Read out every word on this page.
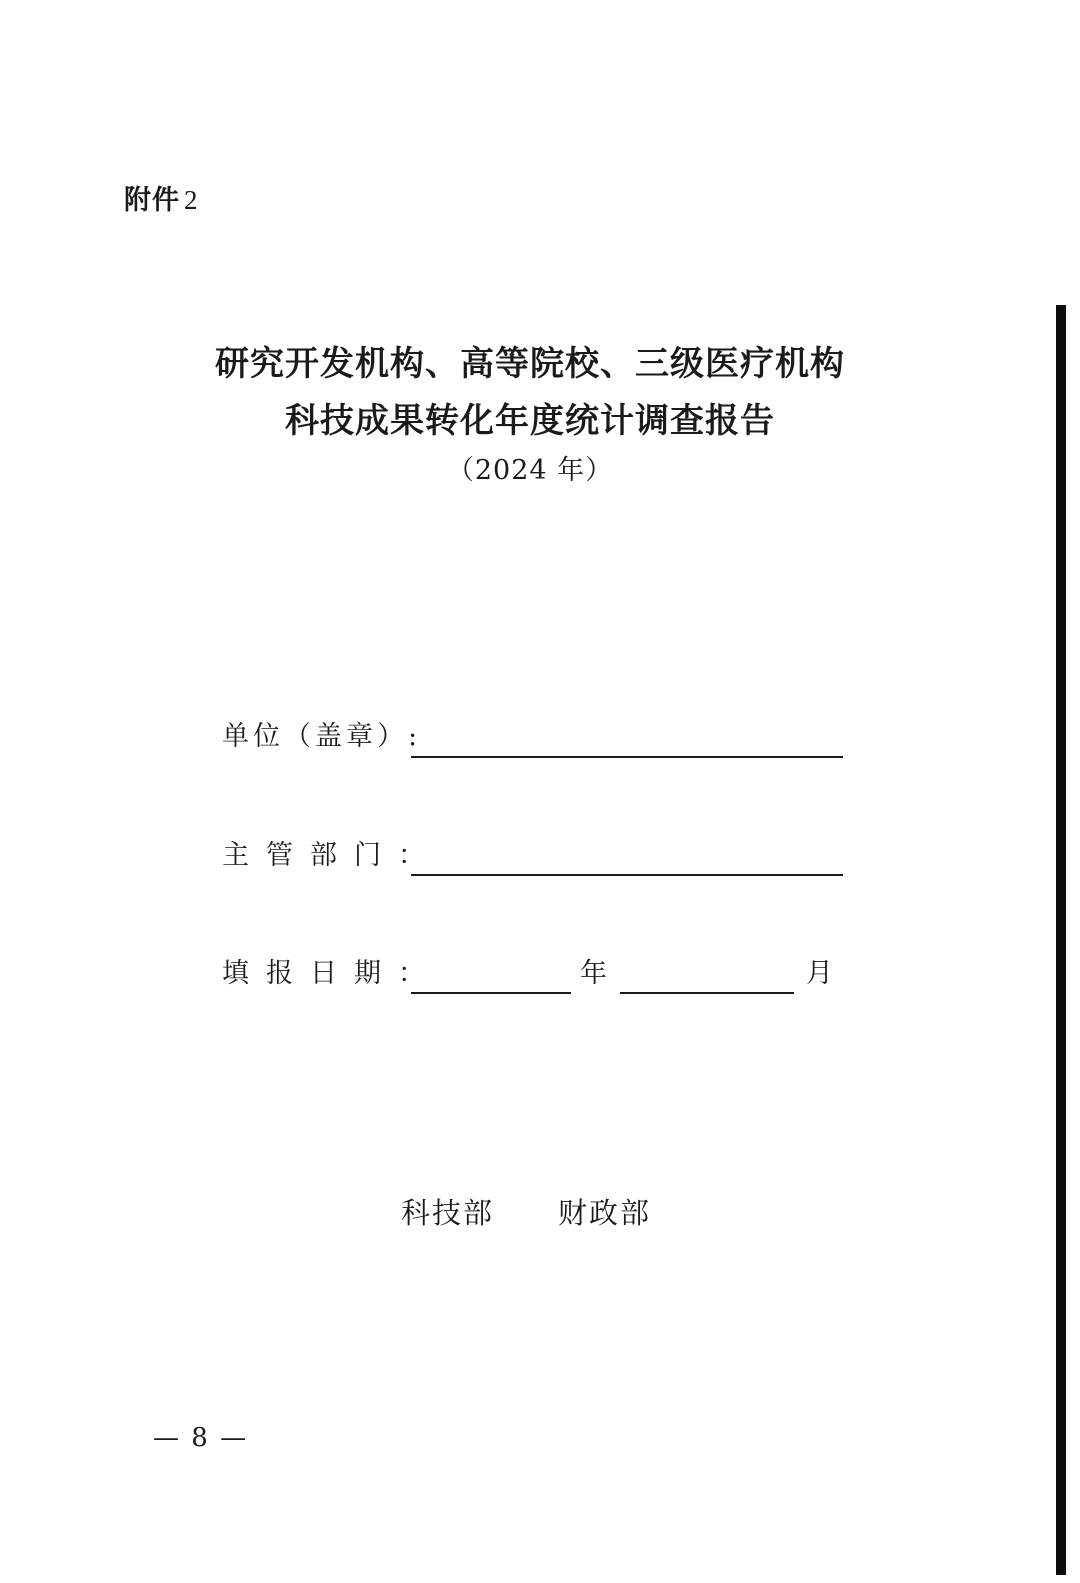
附件 2
研究开发机构、高等院校、三级医疗机构
科技成果转化年度统计调查报告
（2024 年）
单位（盖章）:
主管部门：
填报日期：	年	月
科技部 财政部
— 8 —
